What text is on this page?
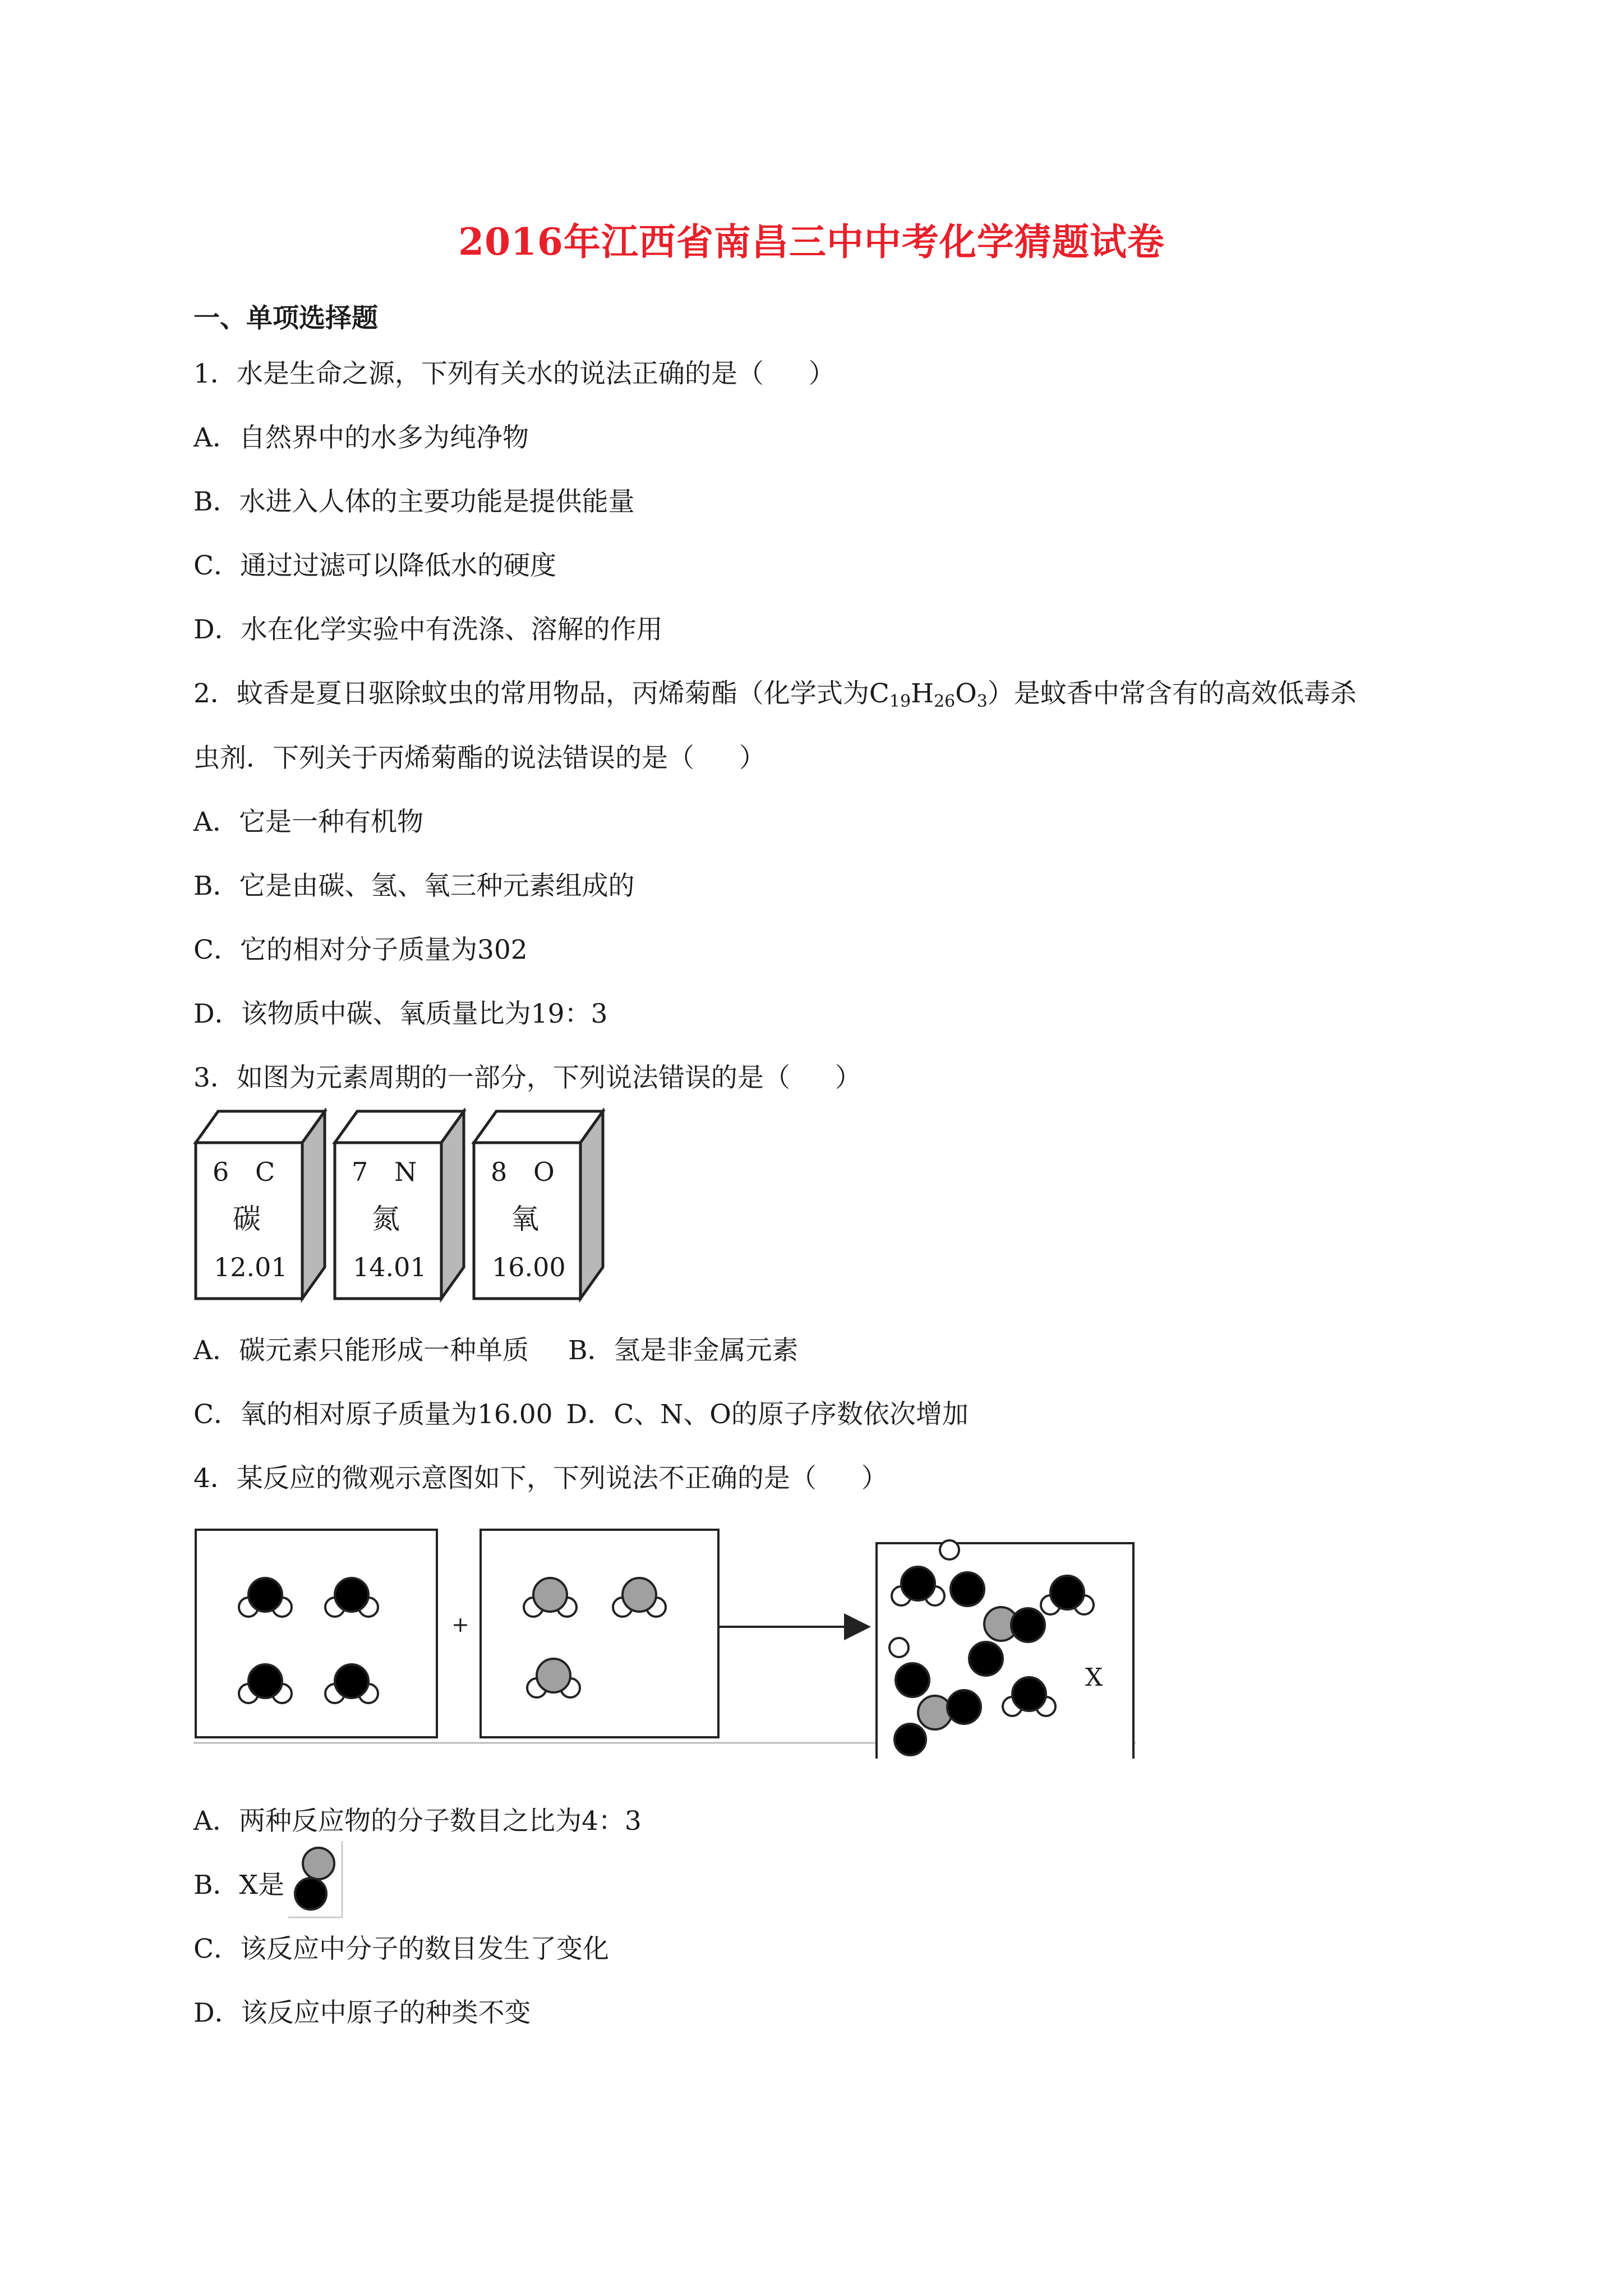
2016年江西省南昌三中中考化学猜题试卷
一、单项选择题
1．水是生命之源，下列有关水的说法正确的是（ ）
A．自然界中的水多为纯净物
B．水进入人体的主要功能是提供能量
C．通过过滤可以降低水的硬度
D．水在化学实验中有洗涤、溶解的作用
2．蚊香是夏日驱除蚊虫的常用物品，丙烯菊酯（化学式为$C_{19}H_{26}O_3$）是蚊香中常含有的高效低毒杀
虫剂．下列关于丙烯菊酯的说法错误的是（ ）
A．它是一种有机物
B．它是由碳、氢、氧三种元素组成的
C．它的相对分子质量为302
D．该物质中碳、氧质量比为19：3
3．如图为元素周期的一部分，下列说法错误的是（ ）
6 C
碳
12.01
7 N
氮
14.01
8 O
氧
16.00
A．碳元素只能形成一种单质 B．氢是非金属元素
C．氧的相对原子质量为16.00 D．C、N、O的原子序数依次增加
4．某反应的微观示意图如下，下列说法不正确的是（ ）
+
X
A．两种反应物的分子数目之比为4：3
B．X是
C．该反应中分子的数目发生了变化
D．该反应中原子的种类不变
